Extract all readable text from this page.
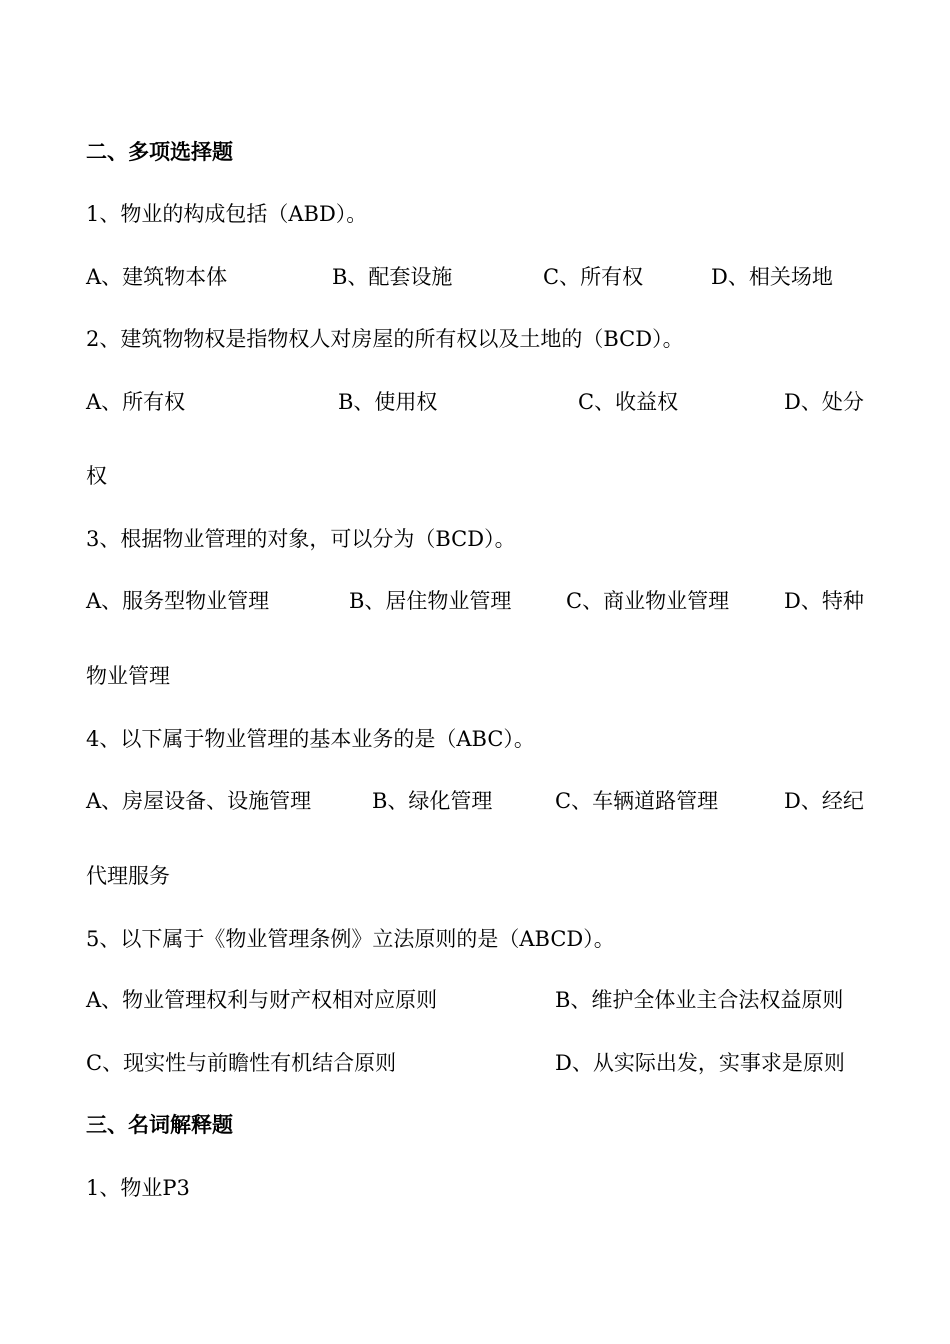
二、多项选择题
1、物业的构成包括（ABD）。
A、建筑物本体	B、配套设施	C、所有权	D、相关场地
2、建筑物物权是指物权人对房屋的所有权以及土地的（BCD）。
A、所有权	B、使用权	C、收益权	D、处分
权
3、根据物业管理的对象，可以分为（BCD）。
A、服务型物业管理	B、居住物业管理	C、商业物业管理	D、特种
物业管理
4、以下属于物业管理的基本业务的是（ABC）。
A、房屋设备、设施管理	B、绿化管理	C、车辆道路管理	D、经纪
代理服务
5、以下属于《物业管理条例》立法原则的是（ABCD）。
A、物业管理权利与财产权相对应原则	B、维护全体业主合法权益原则
C、现实性与前瞻性有机结合原则	D、从实际出发，实事求是原则
三、名词解释题
1、物业P3
